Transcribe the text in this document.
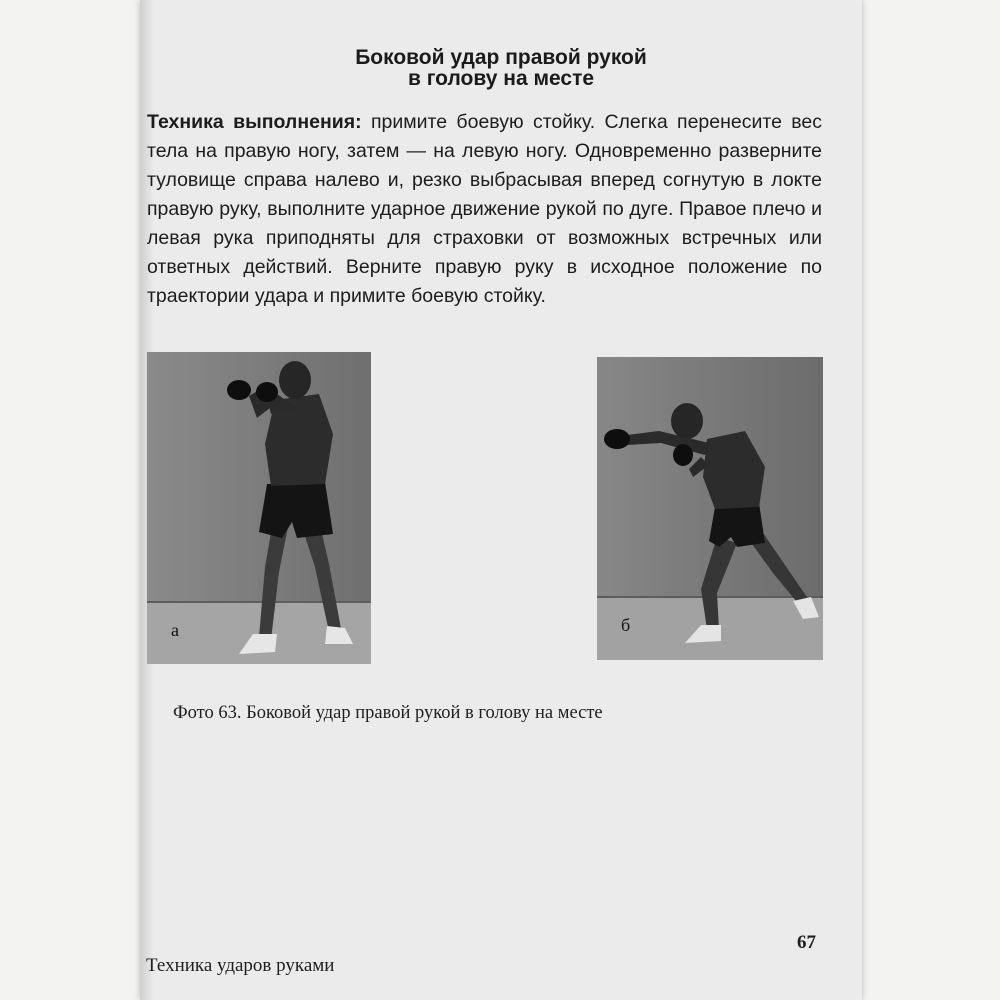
Боковой удар правой рукой
в голову на месте
Техника выполнения: примите боевую стойку. Слегка перенесите вес тела на правую ногу, затем — на левую ногу. Одновременно разверните туловище справа налево и, резко выбрасывая вперед согнутую в локте правую руку, выполните ударное движение рукой по дуге. Правое плечо и левая рука приподняты для страховки от возможных встречных или ответных действий. Верните правую руку в исходное положение по траектории удара и примите боевую стойку.
а	б
Фото 63. Боковой удар правой рукой в голову на месте
Техника ударов руками
67
